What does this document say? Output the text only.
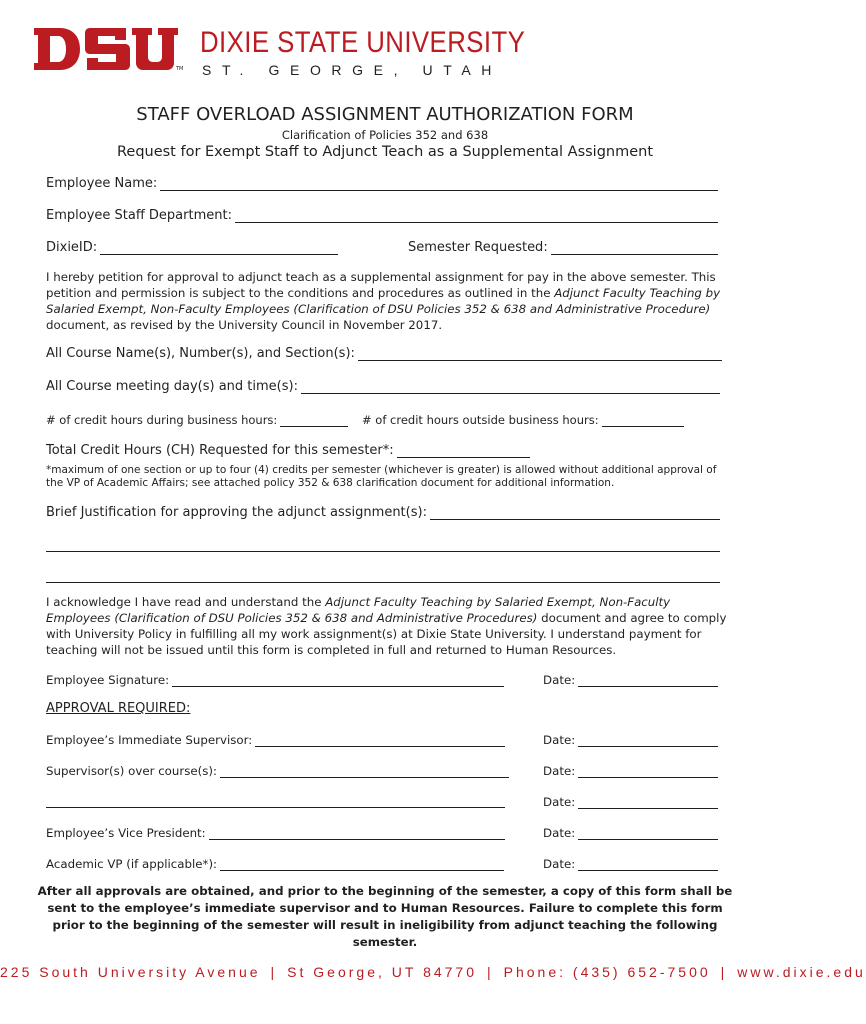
TM
DIXIE STATE UNIVERSITY
ST. GEORGE, UTAH
STAFF OVERLOAD ASSIGNMENT AUTHORIZATION FORM
Clarification of Policies 352 and 638
Request for Exempt Staff to Adjunct Teach as a Supplemental Assignment
Employee Name:
Employee Staff Department:
DixieID:	Semester Requested:
I hereby petition for approval to adjunct teach as a supplemental assignment for pay in the above semester. This petition and permission is subject to the conditions and procedures as outlined in the Adjunct Faculty Teaching by Salaried Exempt, Non-Faculty Employees (Clarification of DSU Policies 352 & 638 and Administrative Procedure) document, as revised by the University Council in November 2017.
All Course Name(s), Number(s), and Section(s):
All Course meeting day(s) and time(s):
# of credit hours during business hours:	# of credit hours outside business hours:
Total Credit Hours (CH) Requested for this semester*:
*maximum of one section or up to four (4) credits per semester (whichever is greater) is allowed without additional approval of the VP of Academic Affairs; see attached policy 352 & 638 clarification document for additional information.
Brief Justification for approving the adjunct assignment(s):
I acknowledge I have read and understand the Adjunct Faculty Teaching by Salaried Exempt, Non-Faculty Employees (Clarification of DSU Policies 352 & 638 and Administrative Procedures) document and agree to comply with University Policy in fulfilling all my work assignment(s) at Dixie State University. I understand payment for teaching will not be issued until this form is completed in full and returned to Human Resources.
Employee Signature:	Date:
APPROVAL REQUIRED:
Employee’s Immediate Supervisor:	Date:
Supervisor(s) over course(s):	Date:
Date:
Employee’s Vice President:	Date:
Academic VP (if applicable*):	Date:
After all approvals are obtained, and prior to the beginning of the semester, a copy of this form shall be sent to the employee’s immediate supervisor and to Human Resources. Failure to complete this form prior to the beginning of the semester will result in ineligibility from adjunct teaching the following semester.
225 South University Avenue | St George, UT 84770 | Phone: (435) 652-7500 | www.dixie.edu
